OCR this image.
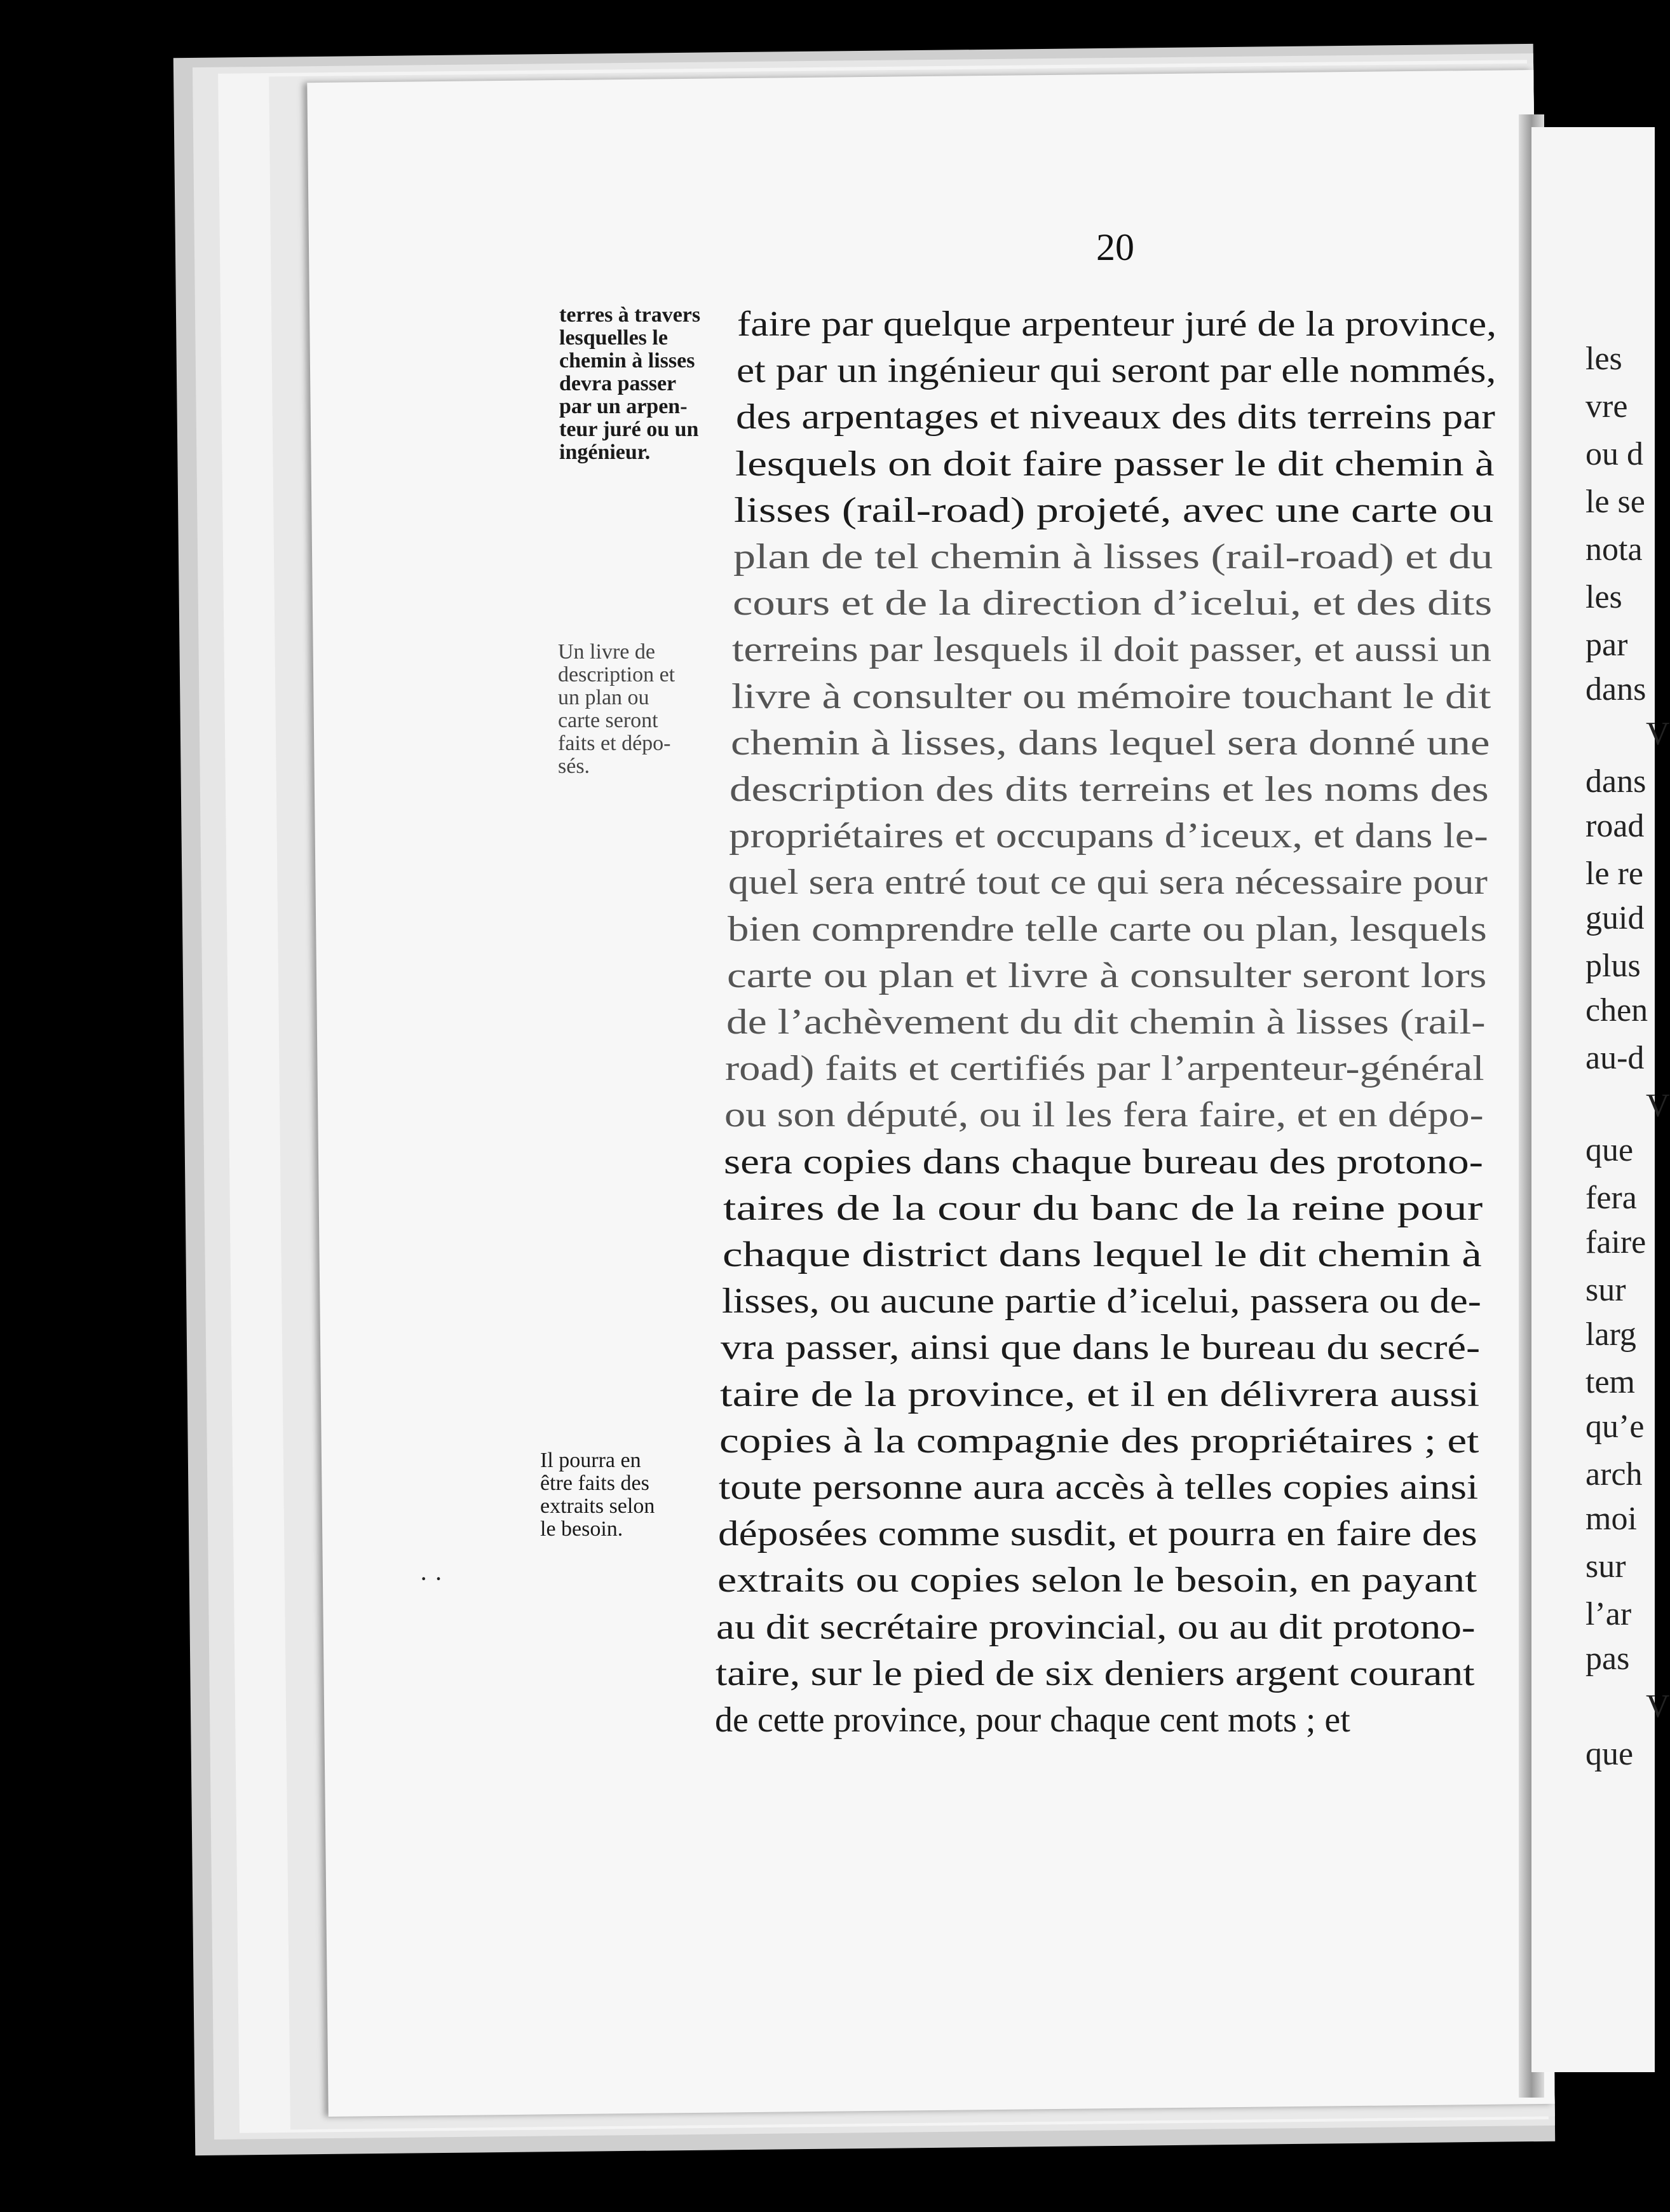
les
vre
ou d
le se
nota
les
par
dans
V
dans
road
le re
guid
plus
chen
au-d
V
que
fera
faire
sur
larg
tem
qu’e
arch
moi
sur
l’ar
pas
V
que
20
terres à travers
lesquelles le
chemin à lisses
devra passer
par un arpen-
teur juré ou un
ingénieur.
Un livre de
description et
un plan ou
carte seront
faits et dépo-
sés.
Il pourra en
être faits des
extraits selon
le besoin.
faire par quelque arpenteur juré de la province,
et par un ingénieur qui seront par elle nommés,
des arpentages et niveaux des dits terreins par
lesquels on doit faire passer le dit chemin à
lisses (rail-road) projeté, avec une carte ou
plan de tel chemin à lisses (rail-road) et du
cours et de la direction d’icelui, et des dits
terreins par lesquels il doit passer, et aussi un
livre à consulter ou mémoire touchant le dit
chemin à lisses, dans lequel sera donné une
description des dits terreins et les noms des
propriétaires et occupans d’iceux, et dans le-
quel sera entré tout ce qui sera nécessaire pour
bien comprendre telle carte ou plan, lesquels
carte ou plan et livre à consulter seront lors
de l’achèvement du dit chemin à lisses (rail-
road) faits et certifiés par l’arpenteur-général
ou son député, ou il les fera faire, et en dépo-
sera copies dans chaque bureau des protono-
taires de la cour du banc de la reine pour
chaque district dans lequel le dit chemin à
lisses, ou aucune partie d’icelui, passera ou de-
vra passer, ainsi que dans le bureau du secré-
taire de la province, et il en délivrera aussi
copies à la compagnie des propriétaires ; et
toute personne aura accès à telles copies ainsi
déposées comme susdit, et pourra en faire des
extraits ou copies selon le besoin, en payant
au dit secrétaire provincial, ou au dit protono-
taire, sur le pied de six deniers argent courant
de cette province, pour chaque cent mots ; et
· ·
